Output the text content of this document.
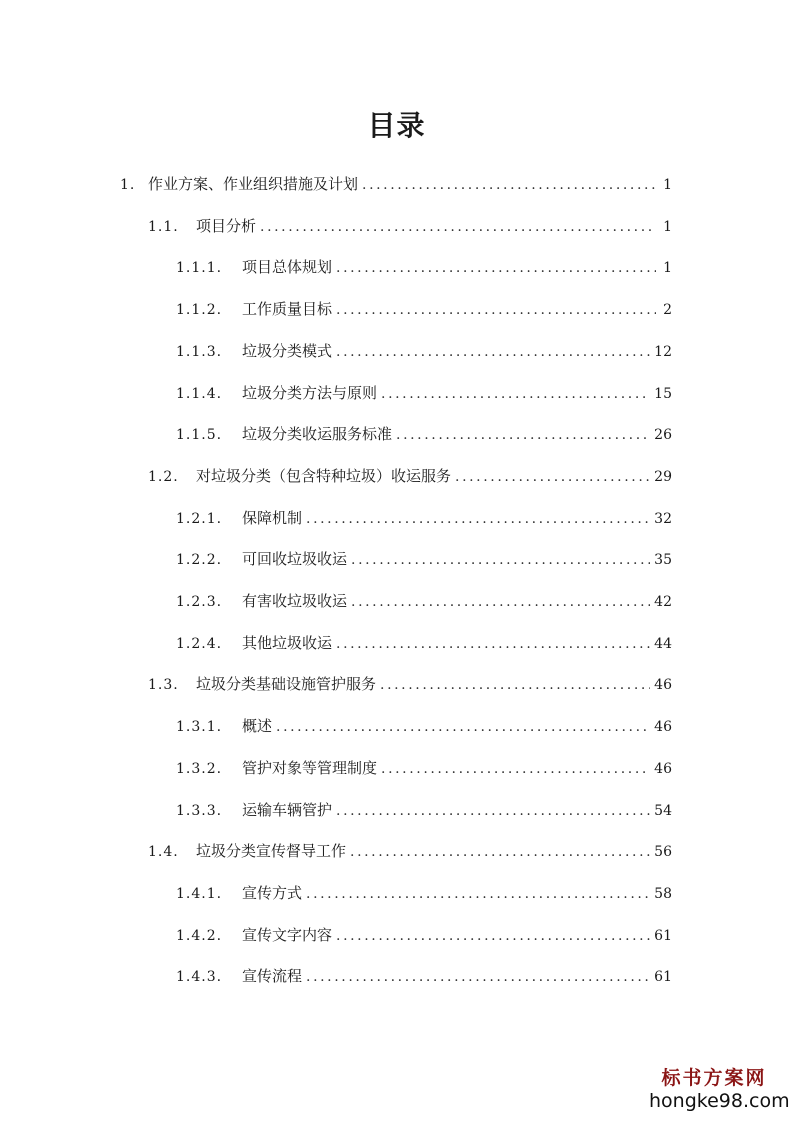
目录
1. 作业方案、作业组织措施及计划 .....	1
1.1.	项目分析 .....	1
1.1.1.	项目总体规划 .....	1
1.1.2.	工作质量目标 .....	2
1.1.3.	垃圾分类模式 .....	12
1.1.4.	垃圾分类方法与原则 .....	15
1.1.5.	垃圾分类收运服务标准 .....	26
1.2.	对垃圾分类（包含特种垃圾）收运服务 .....	29
1.2.1.	保障机制 .....	32
1.2.2.	可回收垃圾收运 .....	35
1.2.3.	有害收垃圾收运 .....	42
1.2.4.	其他垃圾收运 .....	44
1.3.	垃圾分类基础设施管护服务 .....	46
1.3.1.	概述 .....	46
1.3.2.	管护对象等管理制度 .....	46
1.3.3.	运输车辆管护 .....	54
1.4.	垃圾分类宣传督导工作 .....	56
1.4.1.	宣传方式 .....	58
1.4.2.	宣传文字内容 .....	61
1.4.3.	宣传流程 .....	61
标书方案网
hongke98.com
